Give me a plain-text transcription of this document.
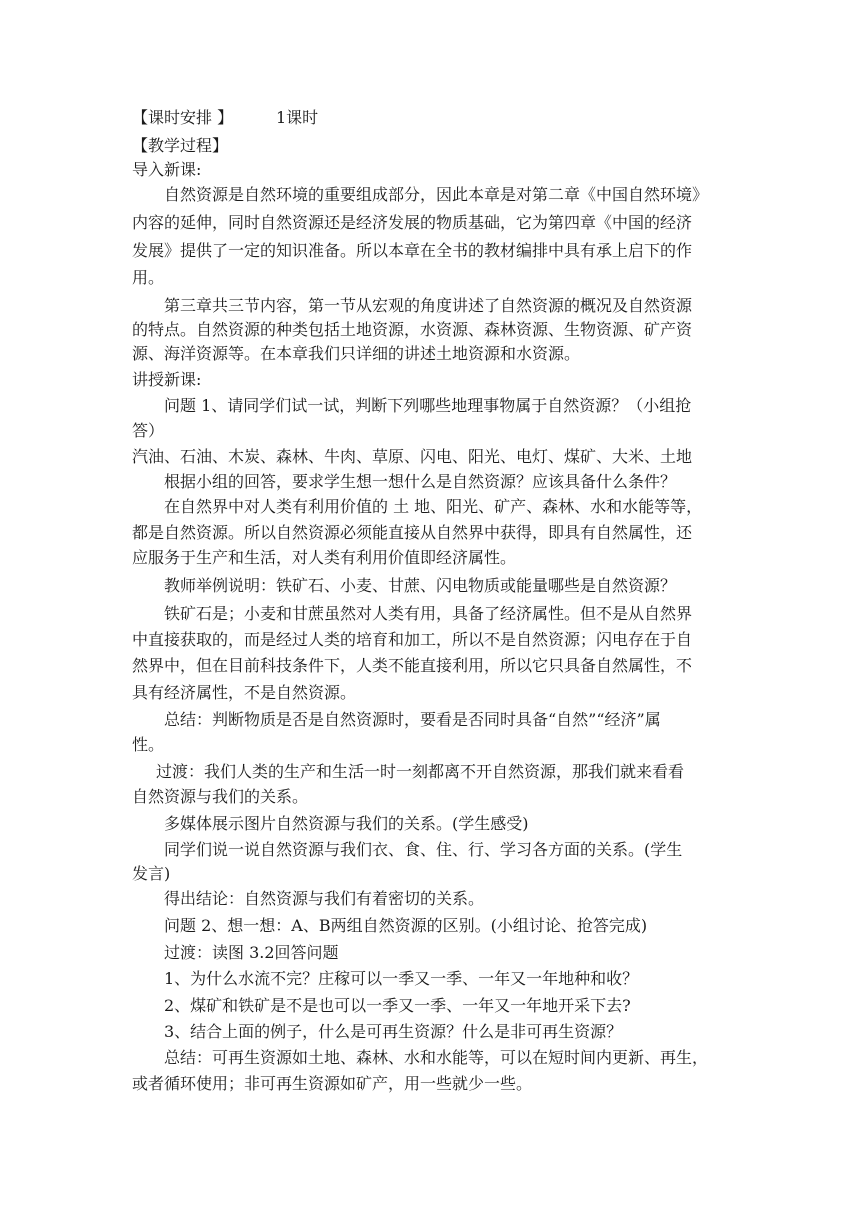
【课时安排 】	1课时
【教学过程】
导入新课:
自然资源是自然环境的重要组成部分，因此本章是对第二章《中国自然环境》
内容的延伸，同时自然资源还是经济发展的物质基础，它为第四章《中国的经济
发展》提供了一定的知识准备。所以本章在全书的教材编排中具有承上启下的作
用。
第三章共三节内容，第一节从宏观的角度讲述了自然资源的概况及自然资源
的特点。自然资源的种类包括土地资源，水资源、森林资源、生物资源、矿产资
源、海洋资源等。在本章我们只详细的讲述土地资源和水资源。
讲授新课:
问题 1、请同学们试一试，判断下列哪些地理事物属于自然资源？（小组抢
答）
汽油、石油、木炭、森林、牛肉、草原、闪电、阳光、电灯、煤矿、大米、土地
根据小组的回答，要求学生想一想什么是自然资源？应该具备什么条件？
在自然界中对人类有利用价值的 土 地、阳光、矿产、森林、水和水能等等，
都是自然资源。所以自然资源必须能直接从自然界中获得，即具有自然属性，还
应服务于生产和生活，对人类有利用价值即经济属性。
教师举例说明：铁矿石、小麦、甘蔗、闪电物质或能量哪些是自然资源？
铁矿石是；小麦和甘蔗虽然对人类有用，具备了经济属性。但不是从自然界
中直接获取的，而是经过人类的培育和加工，所以不是自然资源；闪电存在于自
然界中，但在目前科技条件下，人类不能直接利用，所以它只具备自然属性，不
具有经济属性，不是自然资源。
总结：判断物质是否是自然资源时，要看是否同时具备“自然”“经济”属
性。
过渡：我们人类的生产和生活一时一刻都离不开自然资源，那我们就来看看
自然资源与我们的关系。
多媒体展示图片自然资源与我们的关系。(学生感受)
同学们说一说自然资源与我们衣、食、住、行、学习各方面的关系。(学生
发言)
得出结论：自然资源与我们有着密切的关系。
问题 2、想一想：A、B两组自然资源的区别。(小组讨论、抢答完成)
过渡：读图 3.2回答问题
1、为什么水流不完？庄稼可以一季又一季、一年又一年地种和收？
2、煤矿和铁矿是不是也可以一季又一季、一年又一年地开采下去?
3、结合上面的例子，什么是可再生资源？什么是非可再生资源？
总结：可再生资源如土地、森林、水和水能等，可以在短时间内更新、再生，
或者循环使用；非可再生资源如矿产，用一些就少一些。
